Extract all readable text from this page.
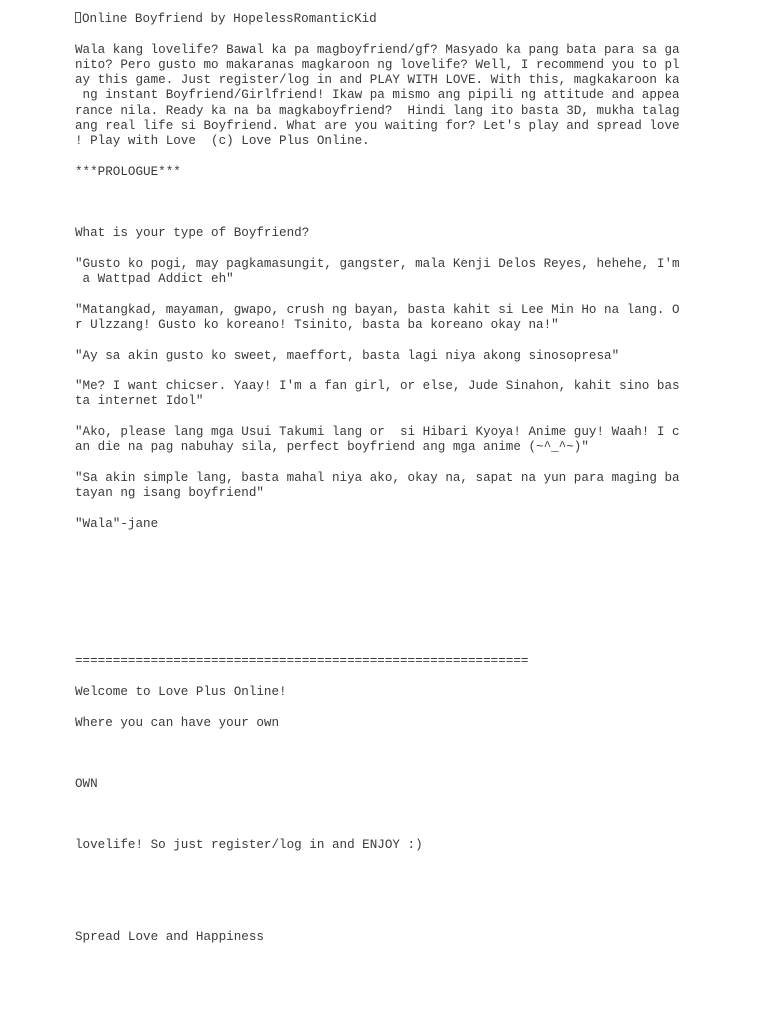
Online Boyfriend by HopelessRomanticKid
Wala kang lovelife? Bawal ka pa magboyfriend/gf? Masyado ka pang bata para sa ga
nito? Pero gusto mo makaranas magkaroon ng lovelife? Well, I recommend you to pl
ay this game. Just register/log in and PLAY WITH LOVE. With this, magkakaroon ka
ng instant Boyfriend/Girlfriend! Ikaw pa mismo ang pipili ng attitude and appea
rance nila. Ready ka na ba magkaboyfriend?  Hindi lang ito basta 3D, mukha talag
ang real life si Boyfriend. What are you waiting for? Let's play and spread love
! Play with Love  (c) Love Plus Online.
***PROLOGUE***
What is your type of Boyfriend?
"Gusto ko pogi, may pagkamasungit, gangster, mala Kenji Delos Reyes, hehehe, I'm
a Wattpad Addict eh"
"Matangkad, mayaman, gwapo, crush ng bayan, basta kahit si Lee Min Ho na lang. O
r Ulzzang! Gusto ko koreano! Tsinito, basta ba koreano okay na!"
"Ay sa akin gusto ko sweet, maeffort, basta lagi niya akong sinosopresa"
"Me? I want chicser. Yaay! I'm a fan girl, or else, Jude Sinahon, kahit sino bas
ta internet Idol"
"Ako, please lang mga Usui Takumi lang or  si Hibari Kyoya! Anime guy! Waah! I c
an die na pag nabuhay sila, perfect boyfriend ang mga anime (~^_^~)"
"Sa akin simple lang, basta mahal niya ako, okay na, sapat na yun para maging ba
tayan ng isang boyfriend"
"Wala"-jane
============================================================
Welcome to Love Plus Online!
Where you can have your own
OWN
lovelife! So just register/log in and ENJOY :)
Spread Love and Happiness
